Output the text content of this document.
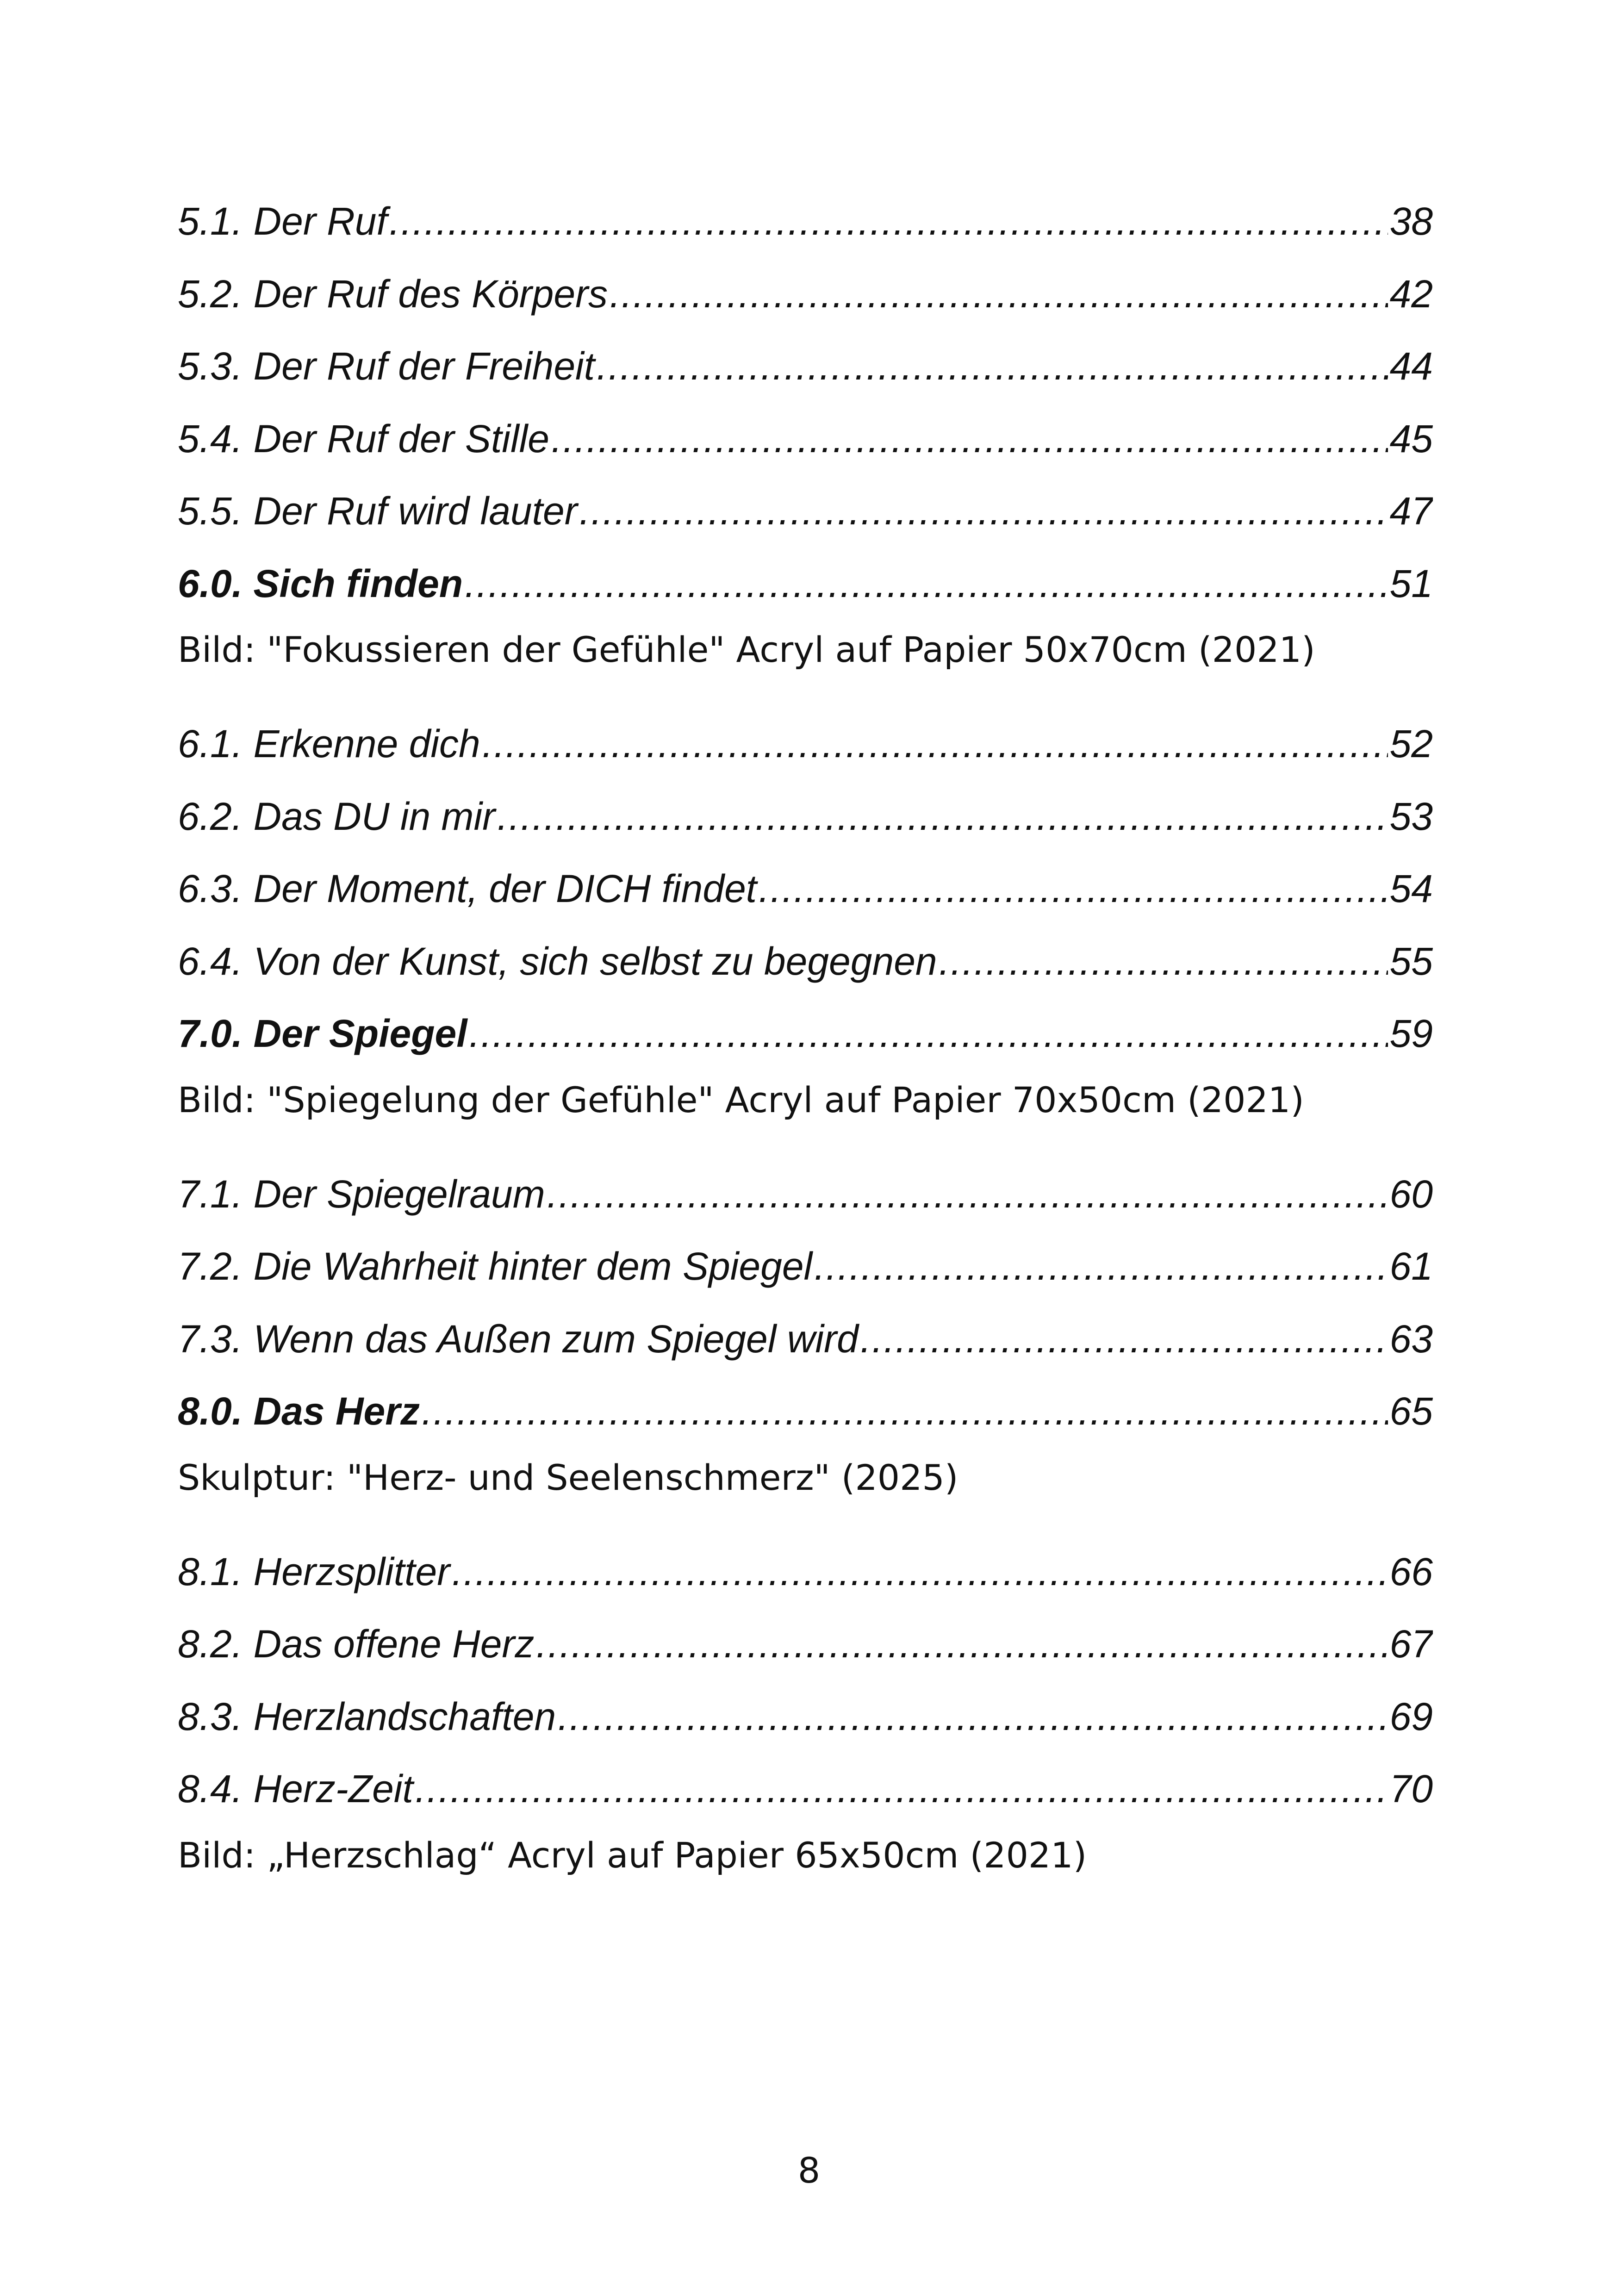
5.1. Der Ruf .....	38
5.2. Der Ruf des Körpers .....	42
5.3. Der Ruf der Freiheit .....	44
5.4. Der Ruf der Stille .....	45
5.5. Der Ruf wird lauter .....	47
6.0. Sich finden .....	51
Bild: "Fokussieren der Gefühle" Acryl auf Papier 50x70cm (2021)
6.1. Erkenne dich .....	52
6.2. Das DU in mir .....	53
6.3. Der Moment, der DICH findet .....	54
6.4. Von der Kunst, sich selbst zu begegnen .....	55
7.0. Der Spiegel .....	59
Bild: "Spiegelung der Gefühle" Acryl auf Papier 70x50cm (2021)
7.1. Der Spiegelraum .....	60
7.2. Die Wahrheit hinter dem Spiegel .....	61
7.3. Wenn das Außen zum Spiegel wird .....	63
8.0. Das Herz .....	65
Skulptur: "Herz- und Seelenschmerz" (2025)
8.1. Herzsplitter .....	66
8.2. Das offene Herz .....	67
8.3. Herzlandschaften .....	69
8.4. Herz-Zeit .....	70
Bild: „Herzschlag“ Acryl auf Papier 65x50cm (2021)
8
